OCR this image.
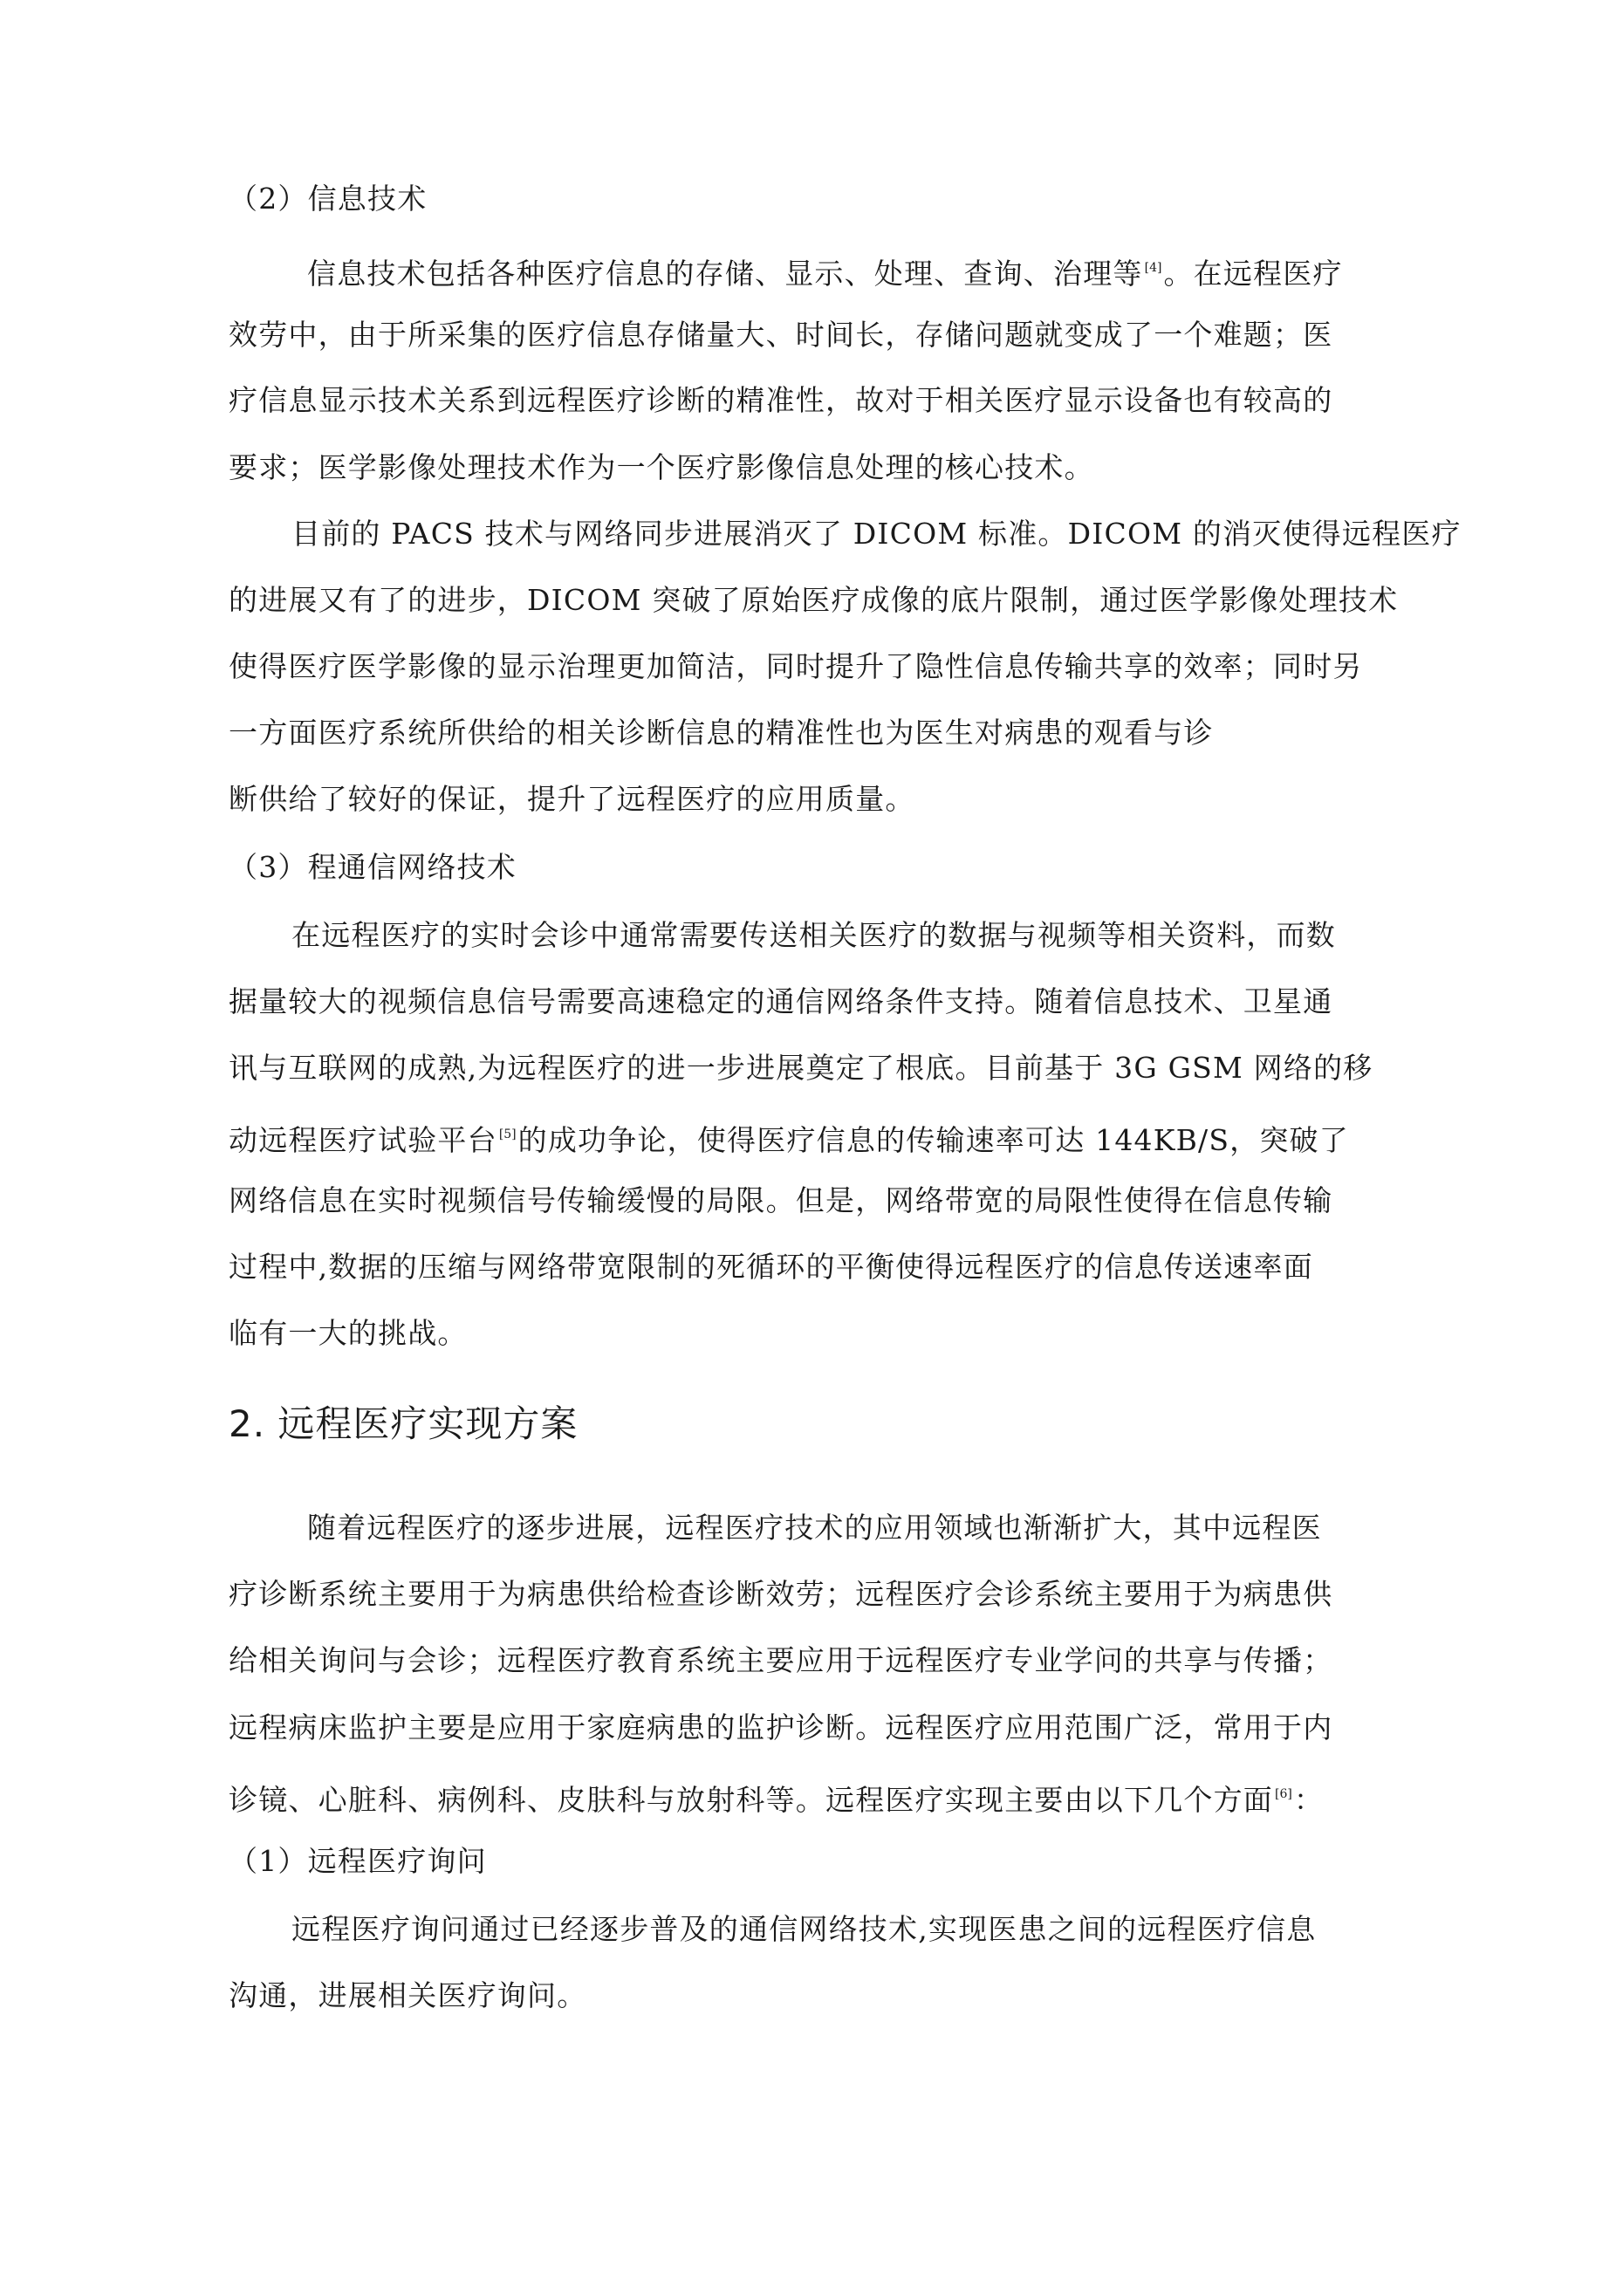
（2）信息技术
信息技术包括各种医疗信息的存储、显示、处理、查询、治理等 [4]。在远程医疗
效劳中，由于所采集的医疗信息存储量大、时间长，存储问题就变成了一个难题；医
疗信息显示技术关系到远程医疗诊断的精准性，故对于相关医疗显示设备也有较高的
要求；医学影像处理技术作为一个医疗影像信息处理的核心技术。
目前的 PACS 技术与网络同步进展消灭了 DICOM 标准。DICOM 的消灭使得远程医疗
的进展又有了的进步，DICOM 突破了原始医疗成像的底片限制，通过医学影像处理技术
使得医疗医学影像的显示治理更加简洁，同时提升了隐性信息传输共享的效率；同时另
一方面医疗系统所供给的相关诊断信息的精准性也为医生对病患的观看与诊
断供给了较好的保证，提升了远程医疗的应用质量。
（3）程通信网络技术
在远程医疗的实时会诊中通常需要传送相关医疗的数据与视频等相关资料，而数
据量较大的视频信息信号需要高速稳定的通信网络条件支持。随着信息技术、卫星通
讯与互联网的成熟,为远程医疗的进一步进展奠定了根底。目前基于 3G GSM 网络的移
动远程医疗试验平台 [5]的成功争论，使得医疗信息的传输速率可达 144KB/S，突破了
网络信息在实时视频信号传输缓慢的局限。但是，网络带宽的局限性使得在信息传输
过程中,数据的压缩与网络带宽限制的死循环的平衡使得远程医疗的信息传送速率面
临有一大的挑战。
2. 远程医疗实现方案
随着远程医疗的逐步进展，远程医疗技术的应用领域也渐渐扩大，其中远程医
疗诊断系统主要用于为病患供给检查诊断效劳；远程医疗会诊系统主要用于为病患供
给相关询问与会诊；远程医疗教育系统主要应用于远程医疗专业学问的共享与传播；
远程病床监护主要是应用于家庭病患的监护诊断。远程医疗应用范围广泛，常用于内
诊镜、心脏科、病例科、皮肤科与放射科等。远程医疗实现主要由以下几个方面 [6]：
（1）远程医疗询问
远程医疗询问通过已经逐步普及的通信网络技术,实现医患之间的远程医疗信息
沟通，进展相关医疗询问。
